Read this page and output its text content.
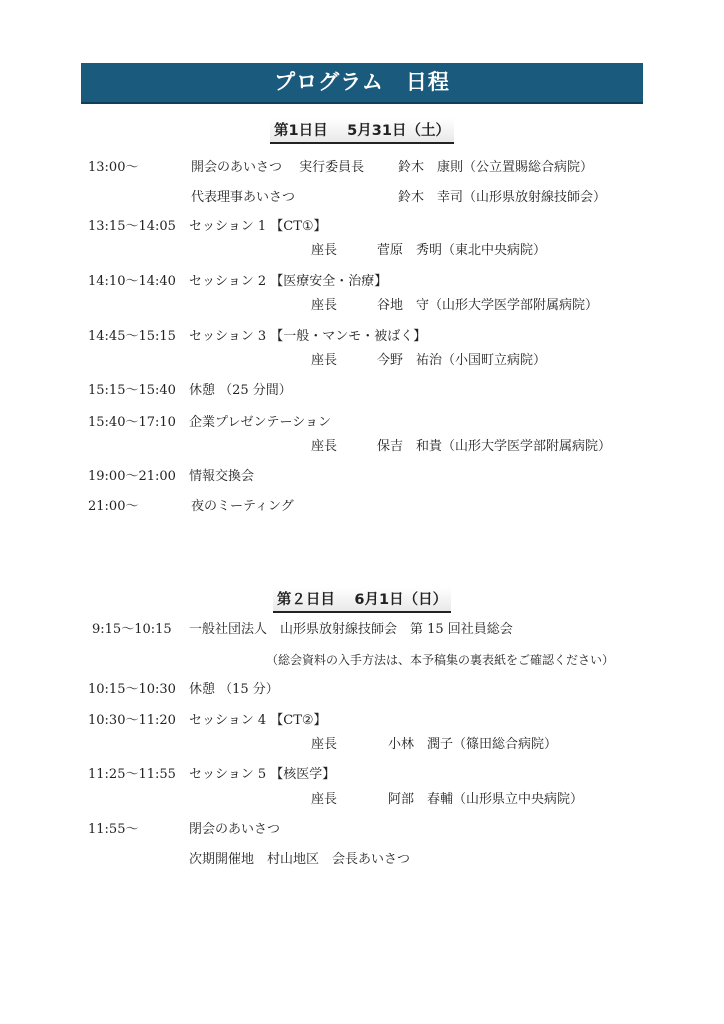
プログラム　日程
第1日目　 5月31日（土）
13:00～	開会のあいさつ　 実行委員長	鈴木　康則（公立置賜総合病院）
代表理事あいさつ	鈴木　幸司（山形県放射線技師会）
13:15～14:05 セッション 1 【CT①】
座長	菅原　秀明（東北中央病院）
14:10～14:40 セッション 2 【医療安全・治療】
座長	谷地　守（山形大学医学部附属病院）
14:45～15:15 セッション 3 【一般・マンモ・被ばく】
座長	今野　祐治（小国町立病院）
15:15～15:40 休憩 （25 分間）
15:40～17:10 企業プレゼンテーション
座長	保吉　和貴（山形大学医学部附属病院）
19:00～21:00 情報交換会
21:00～	夜のミーティング
第２日目　 6月1日（日）
9:15～10:15 一般社団法人　山形県放射線技師会　第 15 回社員総会
（総会資料の入手方法は、本予稿集の裏表紙をご確認ください）
10:15～10:30 休憩 （15 分）
10:30～11:20 セッション 4 【CT②】
座長	小林　潤子（篠田総合病院）
11:25～11:55 セッション 5 【核医学】
座長	阿部　春輔（山形県立中央病院）
11:55～	閉会のあいさつ
次期開催地　村山地区　会長あいさつ
